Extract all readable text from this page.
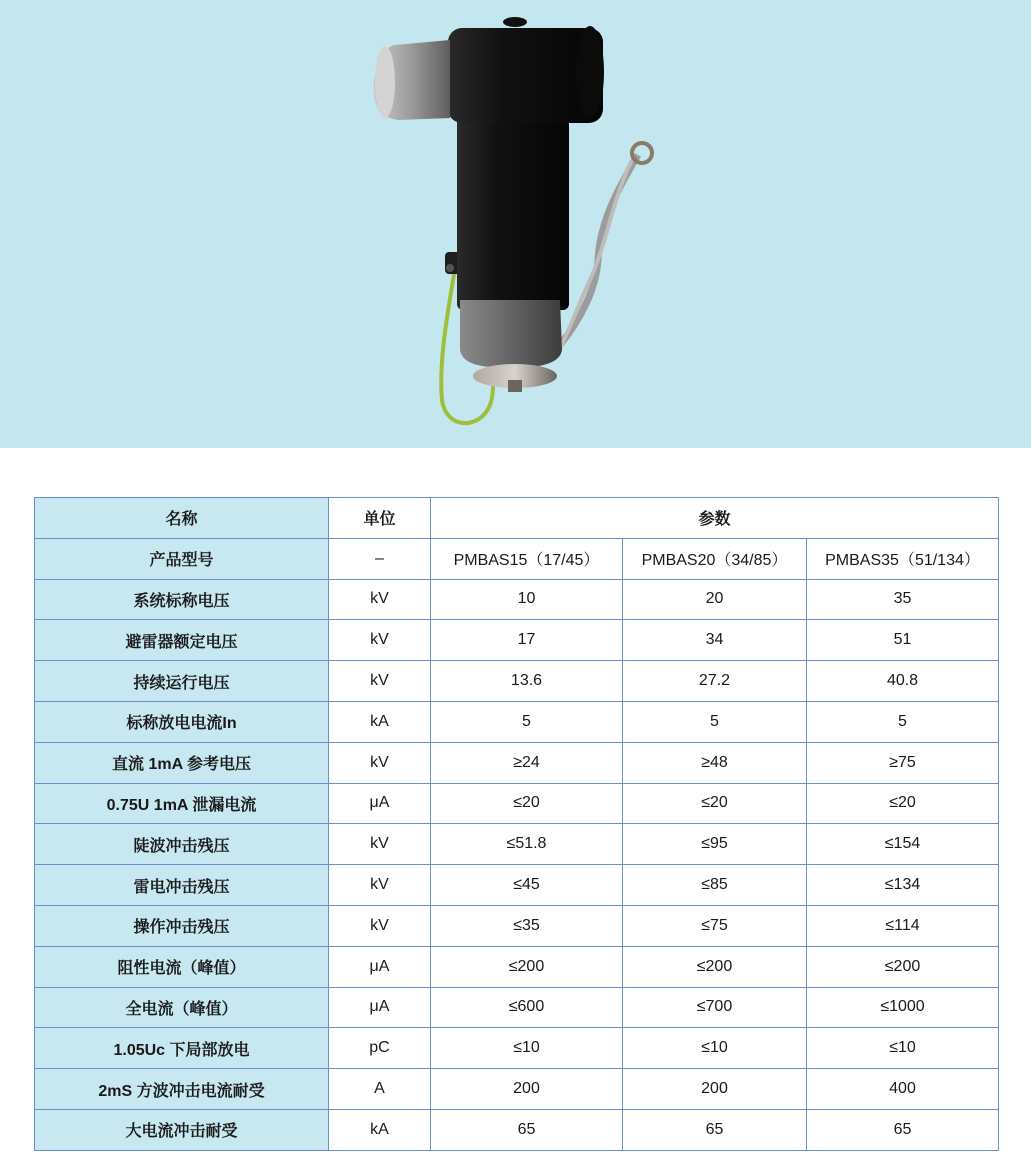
名称	单位	参数		
产品型号	–	PMBAS15（17/45）	PMBAS20（34/85）	PMBAS35（51/134）
系统标称电压	kV	10	20	35
避雷器额定电压	kV	17	34	51
持续运行电压	kV	13.6	27.2	40.8
标称放电电流In	kA	5	5	5
直流 1mA 参考电压	kV	≥24	≥48	≥75
0.75U 1mA 泄漏电流	μA	≤20	≤20	≤20
陡波冲击残压	kV	≤51.8	≤95	≤154
雷电冲击残压	kV	≤45	≤85	≤134
操作冲击残压	kV	≤35	≤75	≤114
阻性电流（峰值）	μA	≤200	≤200	≤200
全电流（峰值）	μA	≤600	≤700	≤1000
1.05Uc 下局部放电	pC	≤10	≤10	≤10
2mS 方波冲击电流耐受	A	200	200	400
大电流冲击耐受	kA	65	65	65
